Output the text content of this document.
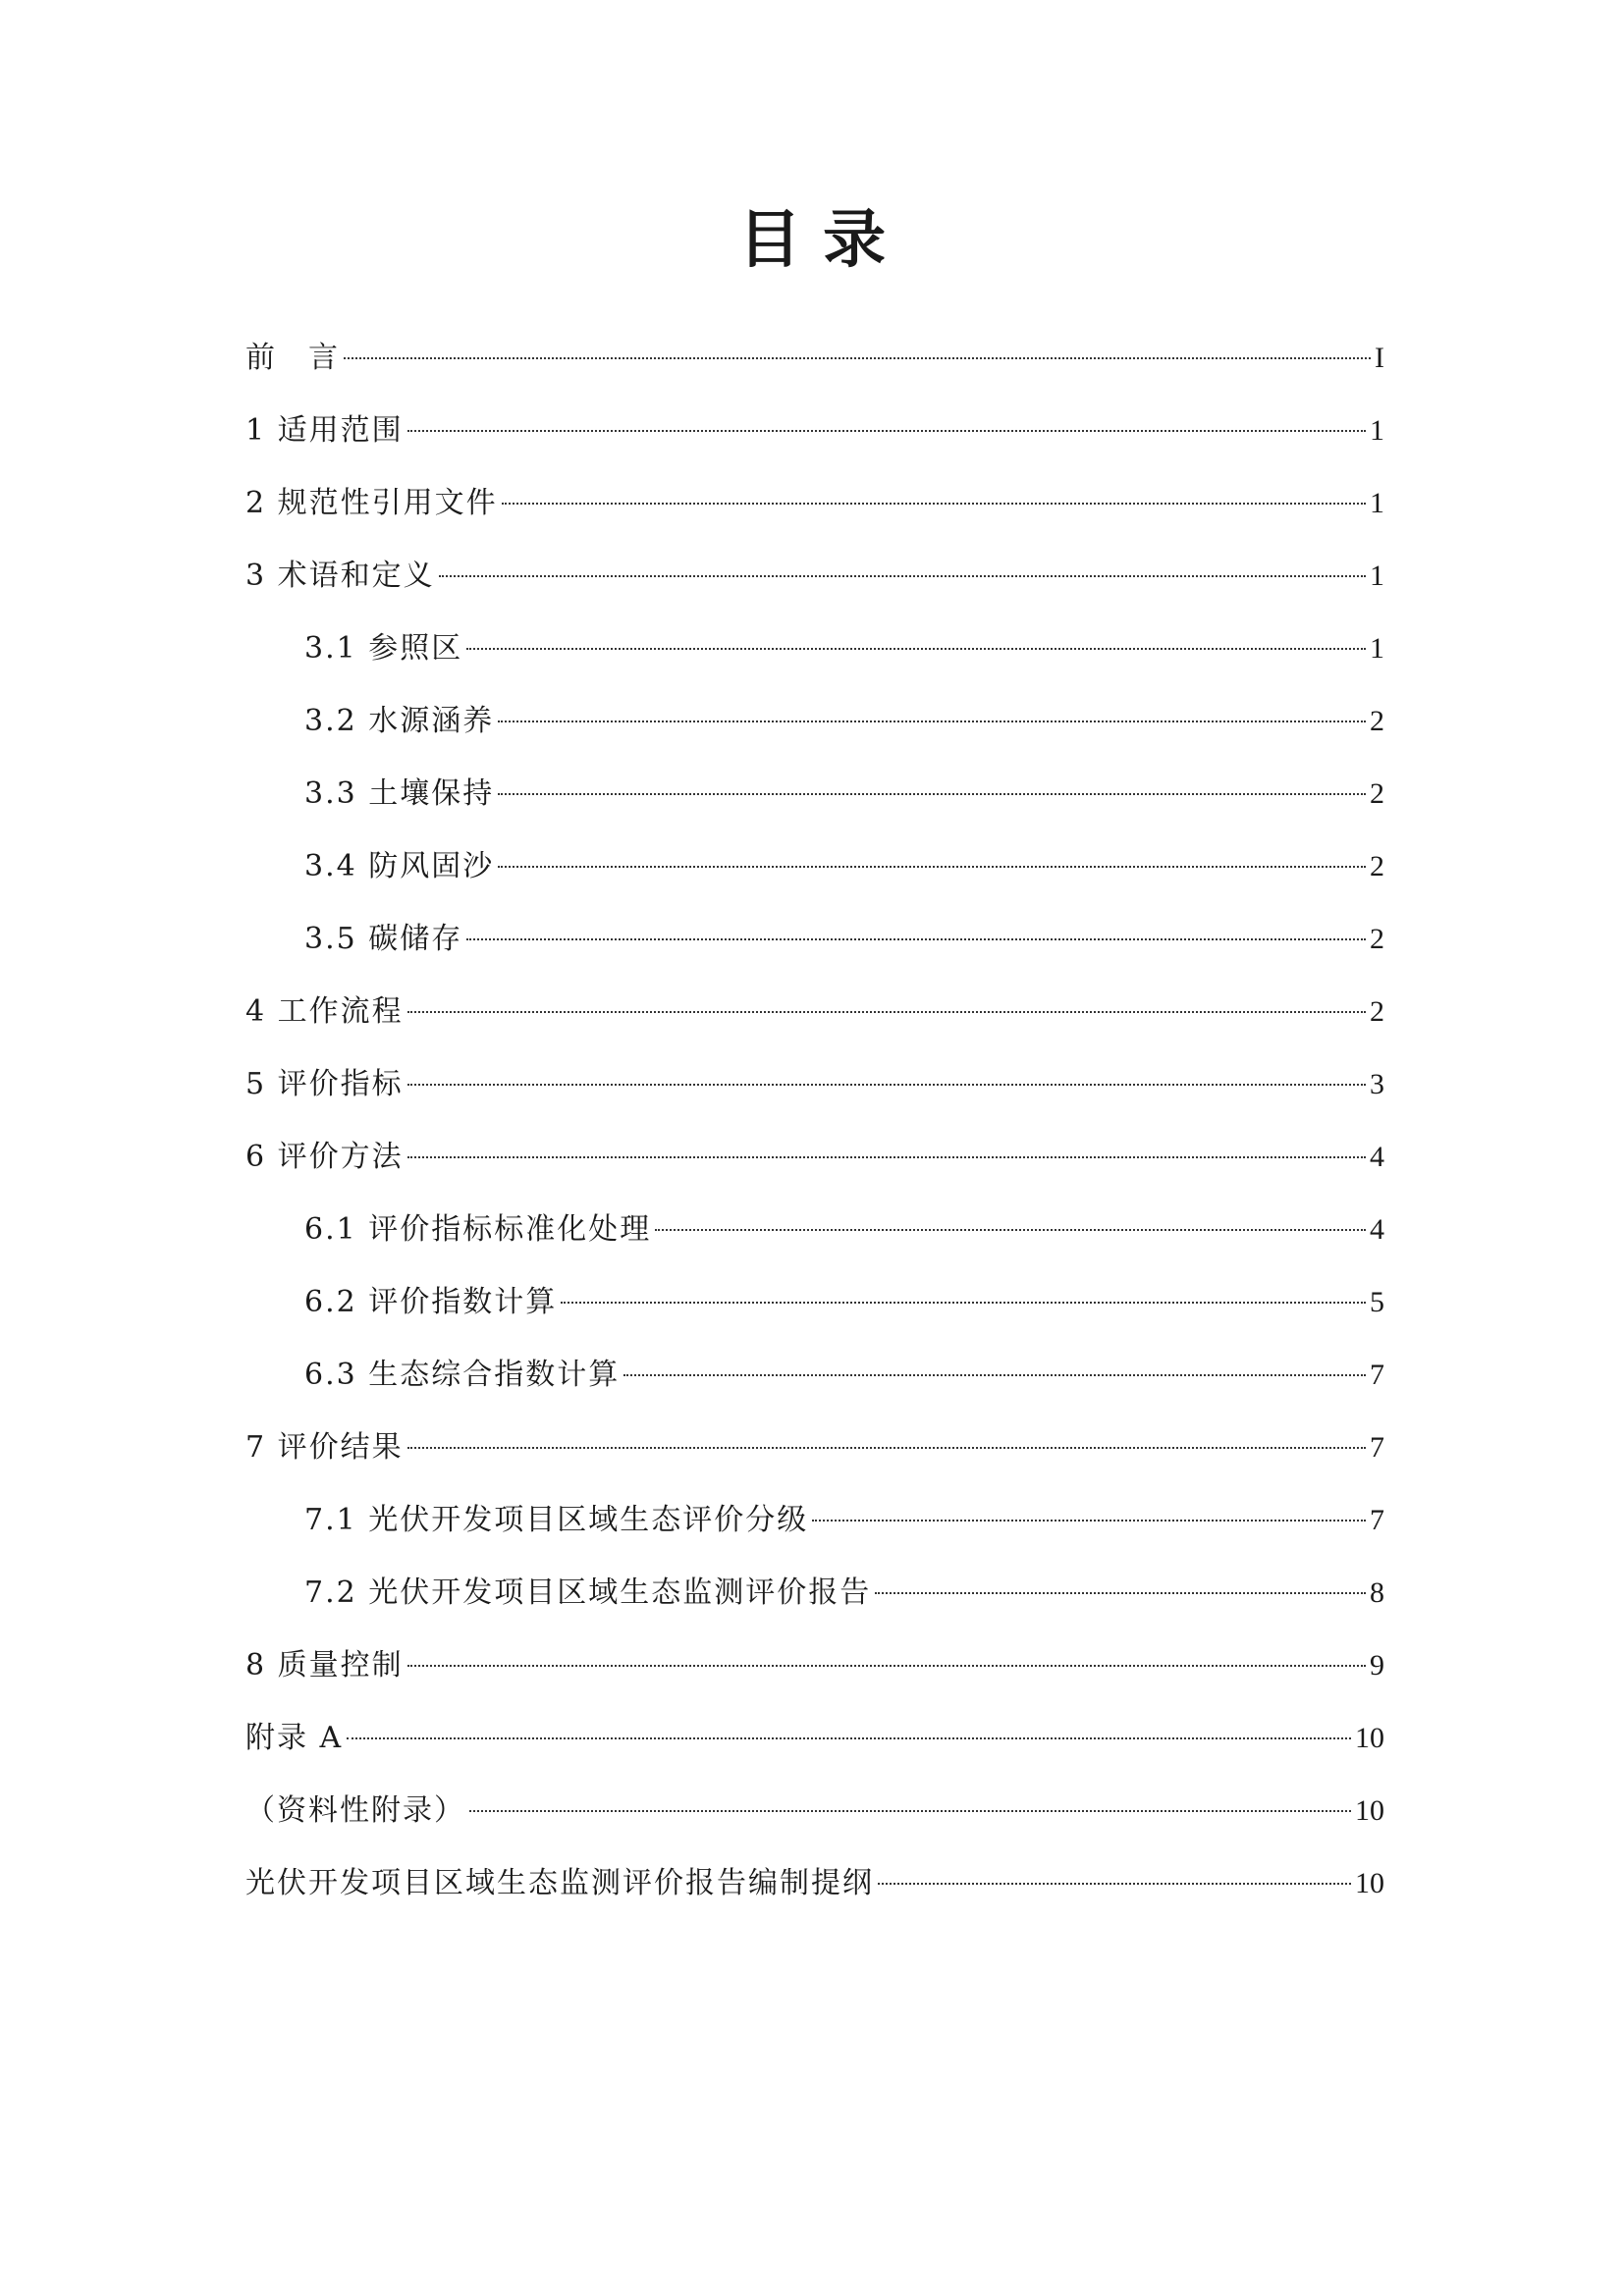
目 录
前　言	I
1 适用范围	1
2 规范性引用文件	1
3 术语和定义	1
3.1 参照区	1
3.2 水源涵养	2
3.3 土壤保持	2
3.4 防风固沙	2
3.5 碳储存	2
4 工作流程	2
5 评价指标	3
6 评价方法	4
6.1 评价指标标准化处理	4
6.2 评价指数计算	5
6.3 生态综合指数计算	7
7 评价结果	7
7.1 光伏开发项目区域生态评价分级	7
7.2 光伏开发项目区域生态监测评价报告	8
8 质量控制	9
附录 A	10
（资料性附录）	10
光伏开发项目区域生态监测评价报告编制提纲	10
